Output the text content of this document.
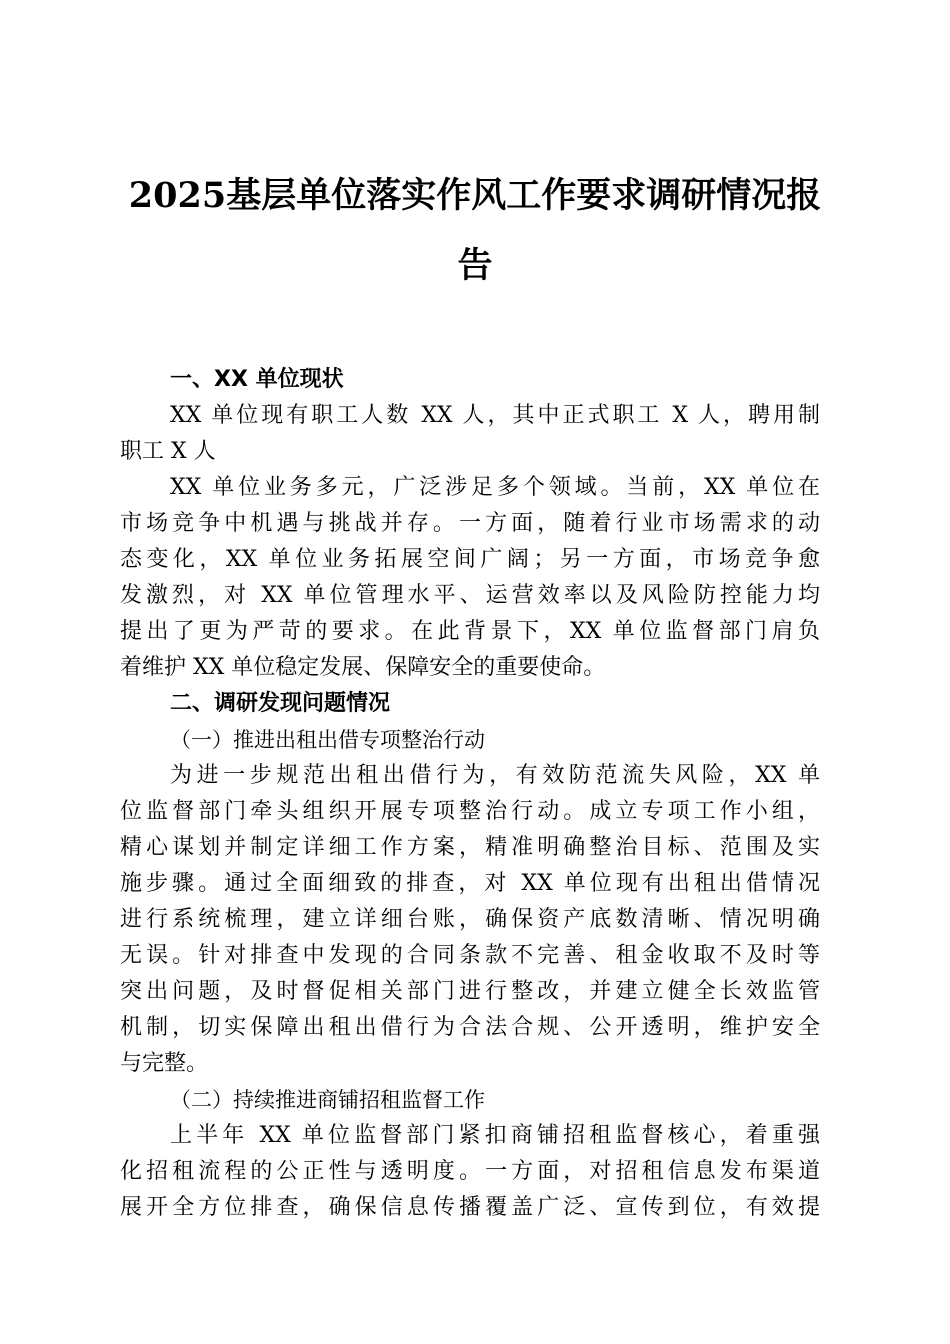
2025基层单位落实作风工作要求调研情况报
告
一、XX 单位现状
XX 单位现有职工人数 XX 人，其中正式职工 X 人，聘用制
职工 X 人
XX 单位业务多元，广泛涉足多个领域。当前，XX 单位在
市场竞争中机遇与挑战并存。一方面，随着行业市场需求的动
态变化，XX 单位业务拓展空间广阔；另一方面，市场竞争愈
发激烈，对 XX 单位管理水平、运营效率以及风险防控能力均
提出了更为严苛的要求。在此背景下，XX 单位监督部门肩负
着维护 XX 单位稳定发展、保障安全的重要使命。
二、调研发现问题情况
（一）推进出租出借专项整治行动
为进一步规范出租出借行为，有效防范流失风险，XX 单
位监督部门牵头组织开展专项整治行动。成立专项工作小组，
精心谋划并制定详细工作方案，精准明确整治目标、范围及实
施步骤。通过全面细致的排查，对 XX 单位现有出租出借情况
进行系统梳理，建立详细台账，确保资产底数清晰、情况明确
无误。针对排查中发现的合同条款不完善、租金收取不及时等
突出问题，及时督促相关部门进行整改，并建立健全长效监管
机制，切实保障出租出借行为合法合规、公开透明，维护安全
与完整。
（二）持续推进商铺招租监督工作
上半年 XX 单位监督部门紧扣商铺招租监督核心，着重强
化招租流程的公正性与透明度。一方面，对招租信息发布渠道
展开全方位排查，确保信息传播覆盖广泛、宣传到位，有效提
